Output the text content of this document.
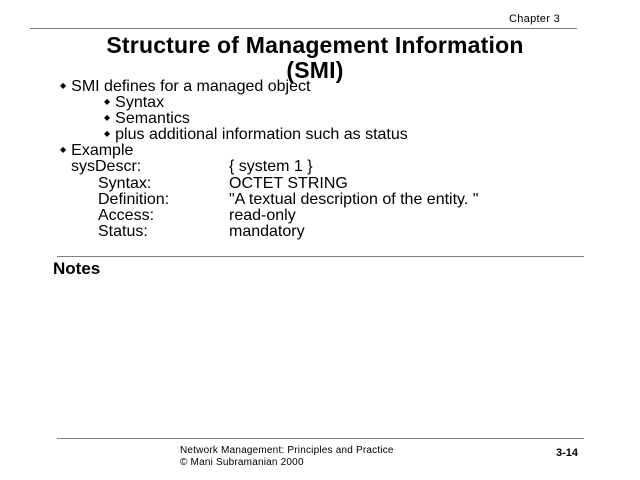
Chapter 3
Structure of Management Information
(SMI)
◆ SMI defines for a managed object
◆ Syntax
◆ Semantics
◆ plus additional information such as status
◆ Example
sysDescr:	{ system 1 }
Syntax:	OCTET STRING
Definition:	"A textual description of the entity. "
Access:	read-only
Status:	mandatory
Notes
Network Management: Principles and Practice
© Mani Subramanian 2000
3-14
